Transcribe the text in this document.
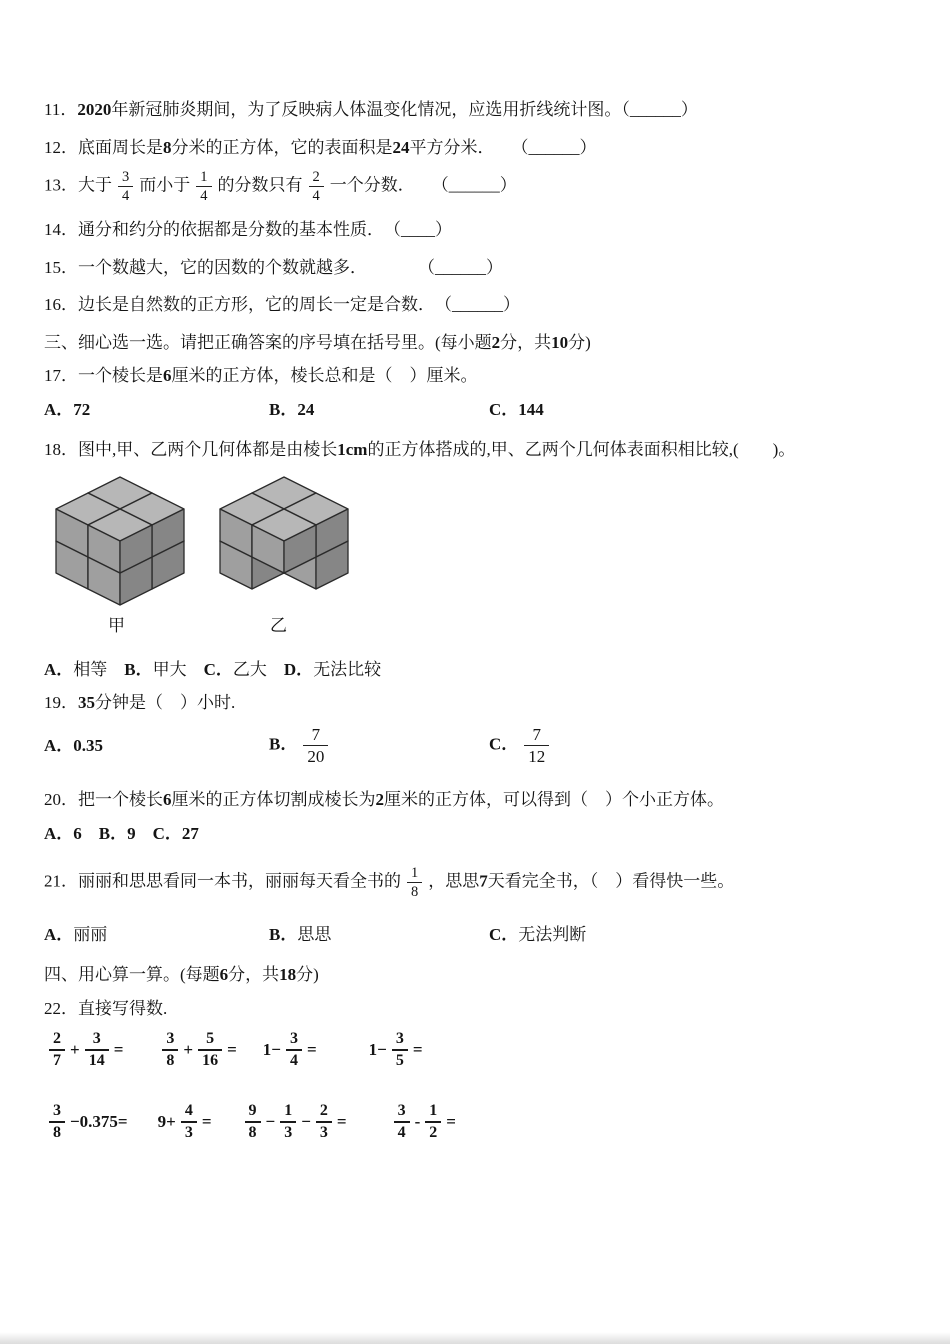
11．2020年新冠肺炎期间，为了反映病人体温变化情况，应选用折线统计图。（______）
12．底面周长是8分米的正方体，它的表面积是24平方分米．　　（______）
13．大于 $\frac{3}{4}$ 而小于 $\frac{1}{4}$ 的分数只有 $\frac{2}{4}$ 一个分数．　　（______）
14．通分和约分的依据都是分数的基本性质．　（____）
15．一个数越大，它的因数的个数就越多．　　　　（______）
16．边长是自然数的正方形，它的周长一定是合数．　（______）
三、细心选一选。请把正确答案的序号填在括号里。(每小题2分，共10分)
17．一个棱长是6厘米的正方体，棱长总和是（　）厘米。
A．72	B．24	C．144
18．图中,甲、乙两个几何体都是由棱长1cm的正方体搭成的,甲、乙两个几何体表面积相比较,(　　)。
甲	乙
A．相等　B．甲大　C．乙大　D．无法比较
19．35分钟是（　）小时.
A．0.35	B． $\frac{7}{20}$	C． $\frac{7}{12}$
20．把一个棱长6厘米的正方体切割成棱长为2厘米的正方体，可以得到（　）个小正方体。
A．6　B．9　C．27
21．丽丽和思思看同一本书，丽丽每天看全书的 $\frac{1}{8}$ ，思思7天看完全书，（　）看得快一些。
A．丽丽	B．思思	C．无法判断
四、用心算一算。(每题6分，共18分)
22．直接写得数.
$\frac{2}{7} + \frac{3}{14} = \frac{3}{8} + \frac{5}{16} = 1- \frac{3}{4}$ =	$1- \frac{3}{5}$ =
$\frac{3}{8} -0.375= 9+ \frac{4}{3} = \frac{9}{8} - \frac{1}{3} - \frac{2}{3}$ =	$\frac{3}{4} - \frac{1}{2}$ =
